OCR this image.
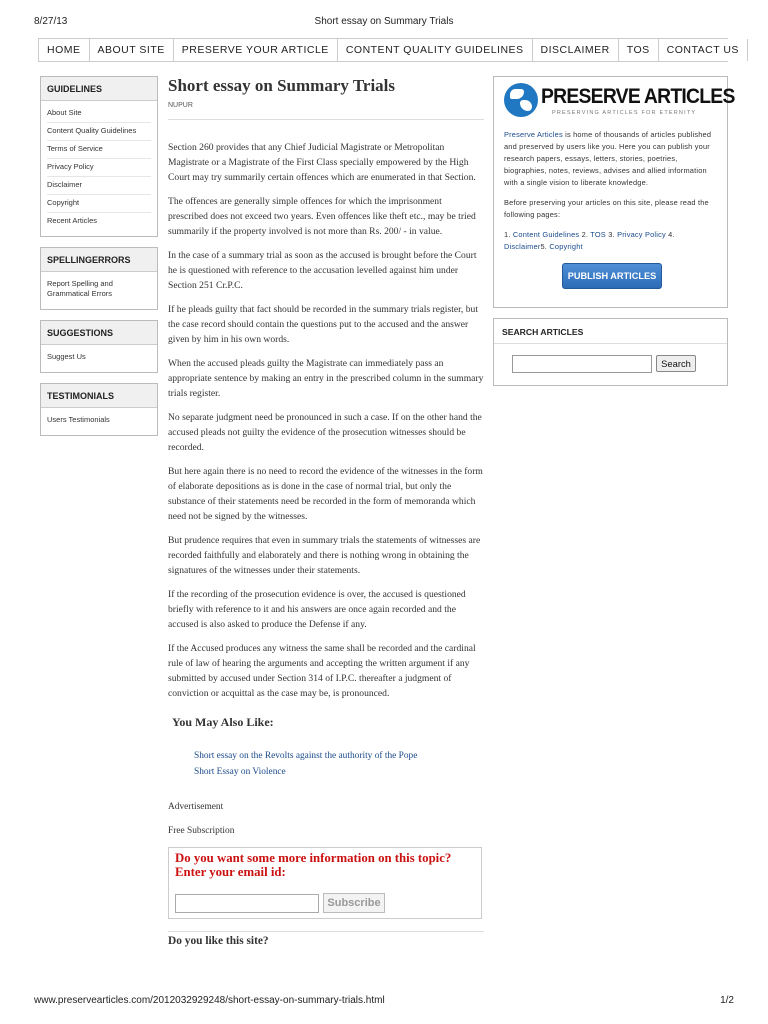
8/27/13	Short essay on Summary Trials
HOME	ABOUT SITE	PRESERVE YOUR ARTICLE	CONTENT QUALITY GUIDELINES	DISCLAIMER	TOS	CONTACT US
GUIDELINES
About Site
Content Quality Guidelines
Terms of Service
Privacy Policy
Disclaimer
Copyright
Recent Articles
SPELLINGERRORS
Report Spelling and Grammatical Errors
SUGGESTIONS
Suggest Us
TESTIMONIALS
Users Testimonials
Short essay on Summary Trials
NUPUR

Section 260 provides that any Chief Judicial Magistrate or Metropolitan Magistrate or a Magistrate of the First Class specially empowered by the High Court may try summarily certain offences which are enumerated in that Section.

The offences are generally simple offences for which the imprisonment prescribed does not exceed two years. Even offences like theft etc., may be tried summarily if the property involved is not more than Rs. 200/ - in value.

In the case of a summary trial as soon as the accused is brought before the Court he is questioned with reference to the accusation levelled against him under Section 251 Cr.P.C.

If he pleads guilty that fact should be recorded in the summary trials register, but the case record should contain the questions put to the accused and the answer given by him in his own words.

When the accused pleads guilty the Magistrate can immediately pass an appropriate sentence by making an entry in the prescribed column in the summary trials register.

No separate judgment need be pronounced in such a case. If on the other hand the accused pleads not guilty the evidence of the prosecution witnesses should be recorded.

But here again there is no need to record the evidence of the witnesses in the form of elaborate depositions as is done in the case of normal trial, but only the substance of their statements need be recorded in the form of memoranda which need not be signed by the witnesses.

But prudence requires that even in summary trials the statements of witnesses are recorded faithfully and elaborately and there is nothing wrong in obtaining the signatures of the witnesses under their statements.

If the recording of the prosecution evidence is over, the accused is questioned briefly with reference to it and his answers are once again recorded and the accused is also asked to produce the Defense if any.

If the Accused produces any witness the same shall be recorded and the cardinal rule of law of hearing the arguments and accepting the written argument if any submitted by accused under Section 314 of I.P.C. thereafter a judgment of conviction or acquittal as the case may be, is pronounced.

You May Also Like:
Short essay on the Revolts against the authority of the Pope
Short Essay on Violence
Advertisement
Free Subscription
Do you want some more information on this topic? Enter your email id:
Subscribe
Do you like this site?
PRESERVE ARTICLES
PRESERVING ARTICLES FOR ETERNITY

Preserve Articles is home of thousands of articles published and preserved by users like you. Here you can publish your research papers, essays, letters, stories, poetries, biographies, notes, reviews, advises and allied information with a single vision to liberate knowledge.

Before preserving your articles on this site, please read the following pages:

1. Content Guidelines 2. TOS 3. Privacy Policy 4. Disclaimer5. Copyright

PUBLISH ARTICLES
SEARCH ARTICLES
Search
www.preservearticles.com/2012032929248/short-essay-on-summary-trials.html	1/2
